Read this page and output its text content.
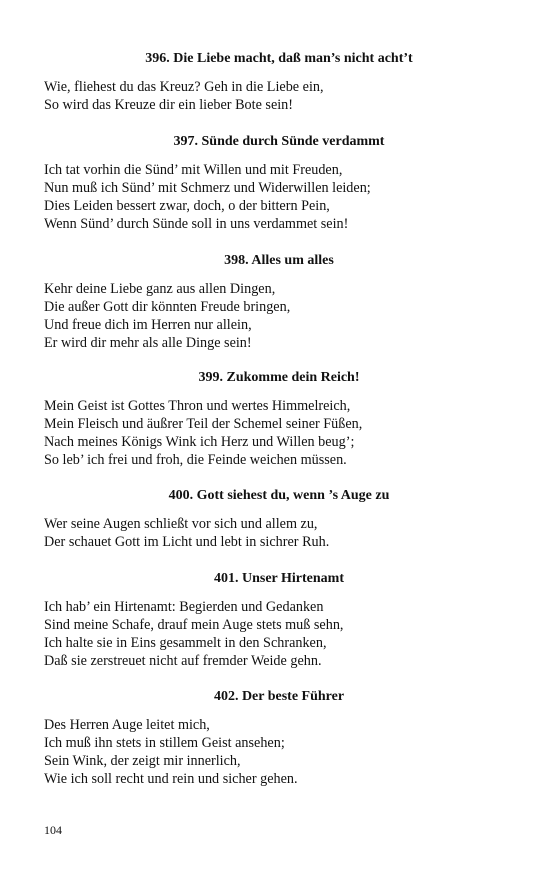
396. Die Liebe macht, daß man’s nicht acht’t
Wie, fliehest du das Kreuz? Geh in die Liebe ein,
So wird das Kreuze dir ein lieber Bote sein!
397. Sünde durch Sünde verdammt
Ich tat vorhin die Sünd’ mit Willen und mit Freuden,
Nun muß ich Sünd’ mit Schmerz und Widerwillen leiden;
Dies Leiden bessert zwar, doch, o der bittern Pein,
Wenn Sünd’ durch Sünde soll in uns verdammet sein!
398. Alles um alles
Kehr deine Liebe ganz aus allen Dingen,
Die außer Gott dir könnten Freude bringen,
Und freue dich im Herren nur allein,
Er wird dir mehr als alle Dinge sein!
399. Zukomme dein Reich!
Mein Geist ist Gottes Thron und wertes Himmelreich,
Mein Fleisch und äußrer Teil der Schemel seiner Füßen,
Nach meines Königs Wink ich Herz und Willen beug’;
So leb’ ich frei und froh, die Feinde weichen müssen.
400. Gott siehest du, wenn ’s Auge zu
Wer seine Augen schließt vor sich und allem zu,
Der schauet Gott im Licht und lebt in sichrer Ruh.
401. Unser Hirtenamt
Ich hab’ ein Hirtenamt: Begierden und Gedanken
Sind meine Schafe, drauf mein Auge stets muß sehn,
Ich halte sie in Eins gesammelt in den Schranken,
Daß sie zerstreuet nicht auf fremder Weide gehn.
402. Der beste Führer
Des Herren Auge leitet mich,
Ich muß ihn stets in stillem Geist ansehen;
Sein Wink, der zeigt mir innerlich,
Wie ich soll recht und rein und sicher gehen.
104
